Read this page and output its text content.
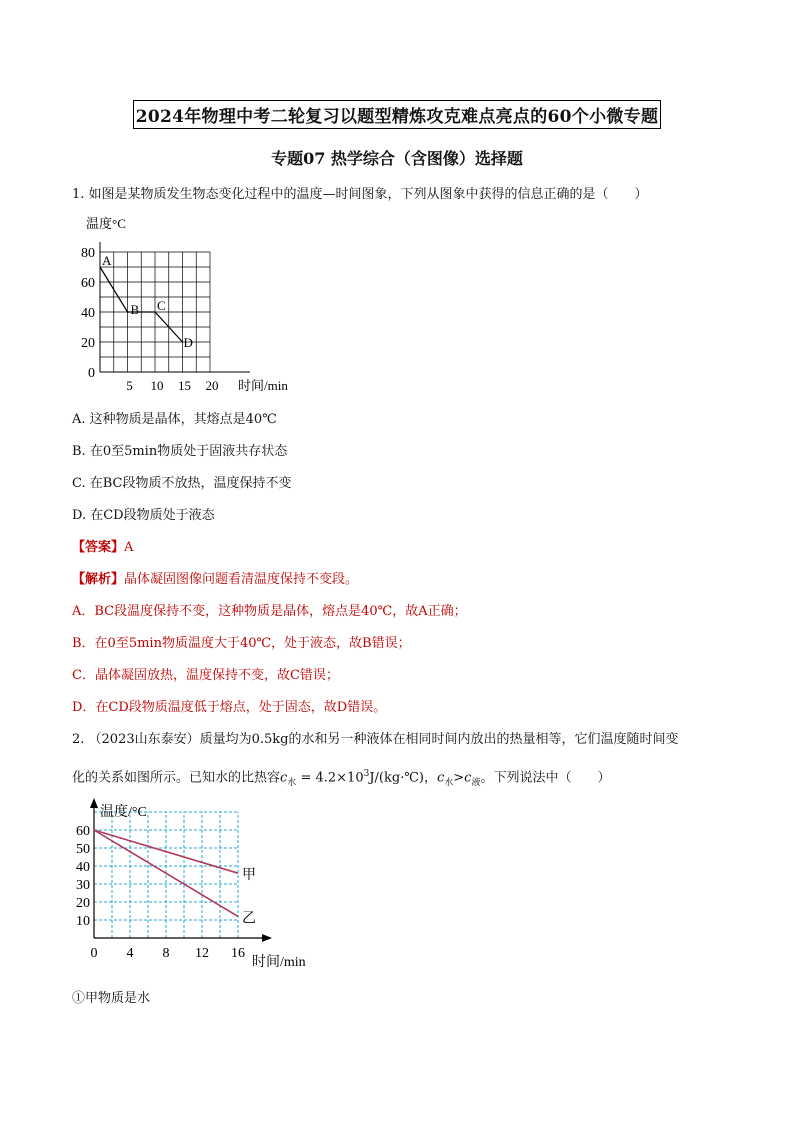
2024年物理中考二轮复习以题型精炼攻克难点亮点的60个小微专题
专题07 热学综合（含图像）选择题
1. 如图是某物质发生物态变化过程中的温度—时间图象，下列从图象中获得的信息正确的是（　　）
温度°C
80
60
40
20
0
5 10 15 20 时间/min
A
B C
D
A. 这种物质是晶体，其熔点是40℃
B. 在0至5min物质处于固液共存状态
C. 在BC段物质不放热，温度保持不变
D. 在CD段物质处于液态
【答案】A
【解析】晶体凝固图像问题看清温度保持不变段。
A．BC段温度保持不变，这种物质是晶体，熔点是40℃，故A正确；
B．在0至5min物质温度大于40℃，处于液态，故B错误；
C．晶体凝固放热，温度保持不变，故C错误；
D．在CD段物质温度低于熔点，处于固态，故D错误。
2. （2023山东泰安）质量均为0.5kg的水和另一种液体在相同时间内放出的热量相等，它们温度随时间变
化的关系如图所示。已知水的比热容$c_水$ = $4.2\times 10^3J/(kg\cdot℃)$，$c_水>c_液$。下列说法中（　　）
温度/°C
60
50
40
30
20
10
0 4 8 12 16
时间/min
甲
乙
①甲物质是水
